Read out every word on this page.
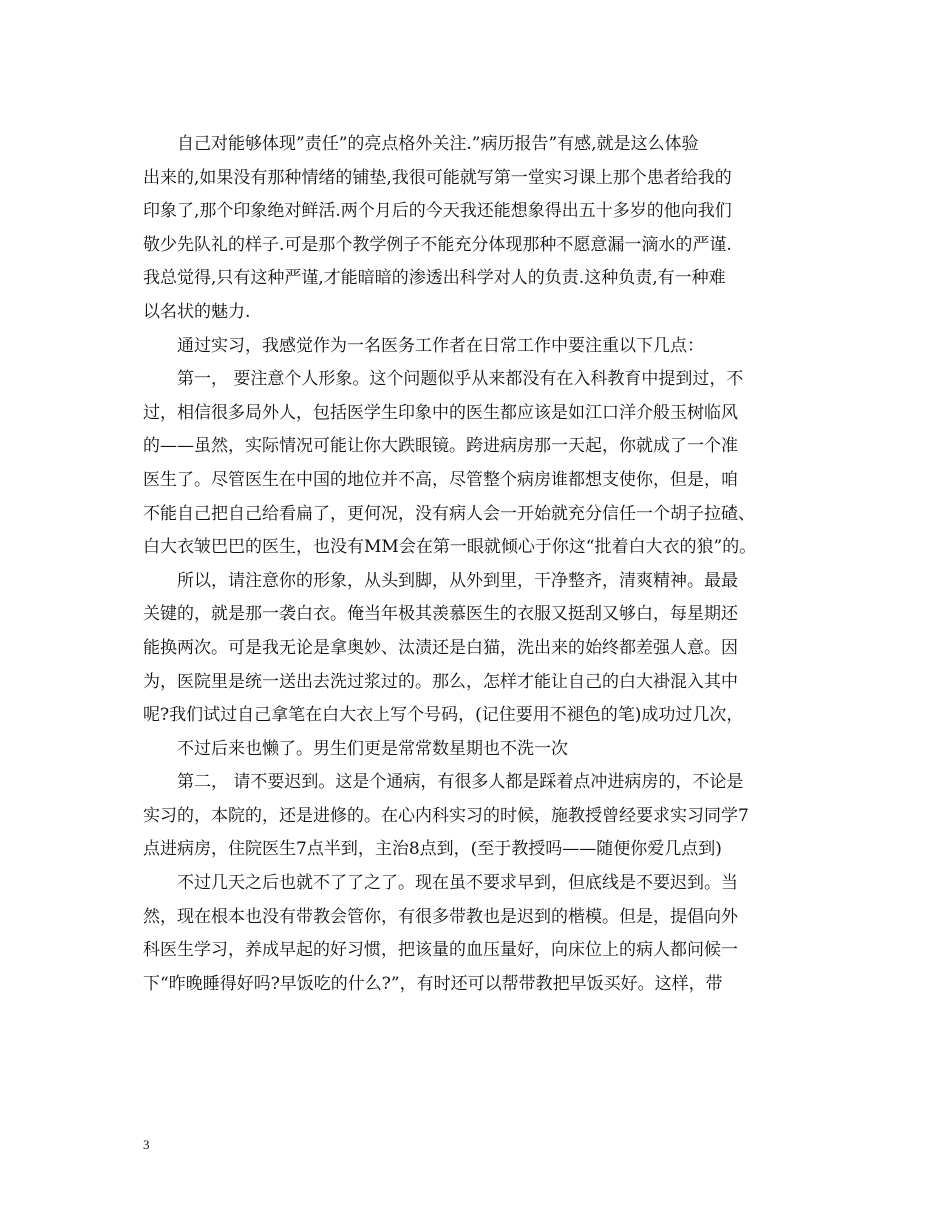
自己对能够体现”责任”的亮点格外关注.”病历报告”有感,就是这么体验
出来的,如果没有那种情绪的铺垫,我很可能就写第一堂实习课上那个患者给我的
印象了,那个印象绝对鲜活.两个月后的今天我还能想象得出五十多岁的他向我们
敬少先队礼的样子.可是那个教学例子不能充分体现那种不愿意漏一滴水的严谨.
我总觉得,只有这种严谨,才能暗暗的渗透出科学对人的负责.这种负责,有一种难
以名状的魅力.
通过实习，我感觉作为一名医务工作者在日常工作中要注重以下几点：
第一， 要注意个人形象。这个问题似乎从来都没有在入科教育中提到过，不
过，相信很多局外人，包括医学生印象中的医生都应该是如江口洋介般玉树临风
的——虽然，实际情况可能让你大跌眼镜。跨进病房那一天起，你就成了一个准
医生了。尽管医生在中国的地位并不高，尽管整个病房谁都想支使你，但是，咱
不能自己把自己给看扁了，更何况，没有病人会一开始就充分信任一个胡子拉碴、
白大衣皱巴巴的医生，也没有MM会在第一眼就倾心于你这“批着白大衣的狼”的。
所以，请注意你的形象，从头到脚，从外到里，干净整齐，清爽精神。最最
关键的，就是那一袭白衣。俺当年极其羡慕医生的衣服又挺刮又够白，每星期还
能换两次。可是我无论是拿奥妙、汰渍还是白猫，洗出来的始终都差强人意。因
为，医院里是统一送出去洗过浆过的。那么，怎样才能让自己的白大褂混入其中
呢?我们试过自己拿笔在白大衣上写个号码，(记住要用不褪色的笔)成功过几次，
不过后来也懒了。男生们更是常常数星期也不洗一次
第二， 请不要迟到。这是个通病，有很多人都是踩着点冲进病房的，不论是
实习的，本院的，还是进修的。在心内科实习的时候，施教授曾经要求实习同学7
点进病房，住院医生7点半到，主治8点到，(至于教授吗——随便你爱几点到)
不过几天之后也就不了了之了。现在虽不要求早到，但底线是不要迟到。当
然，现在根本也没有带教会管你，有很多带教也是迟到的楷模。但是，提倡向外
科医生学习，养成早起的好习惯，把该量的血压量好，向床位上的病人都问候一
下“昨晚睡得好吗?早饭吃的什么?”，有时还可以帮带教把早饭买好。这样，带
3
